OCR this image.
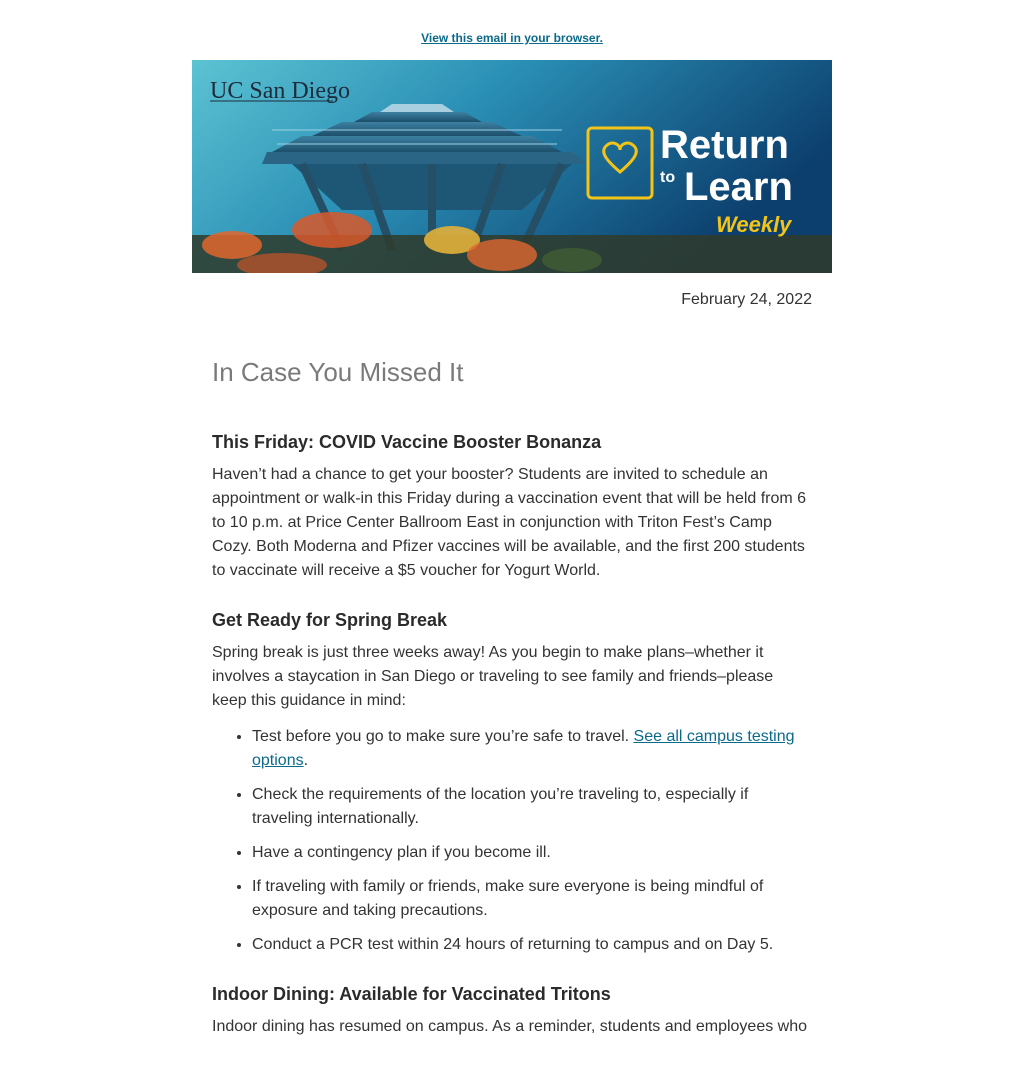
View this email in your browser.
UC San Diego
Return
to Learn
Weekly
February 24, 2022
In Case You Missed It
This Friday: COVID Vaccine Booster Bonanza

Haven’t had a chance to get your booster? Students are invited to schedule an appointment or walk-in this Friday during a vaccination event that will be held from 6 to 10 p.m. at Price Center Ballroom East in conjunction with Triton Fest’s Camp Cozy. Both Moderna and Pfizer vaccines will be available, and the first 200 students to vaccinate will receive a $5 voucher for Yogurt World.

Get Ready for Spring Break

Spring break is just three weeks away! As you begin to make plans–whether it involves a staycation in San Diego or traveling to see family and friends–please keep this guidance in mind:

• Test before you go to make sure you’re safe to travel. See all campus testing options.
• Check the requirements of the location you’re traveling to, especially if traveling internationally.
• Have a contingency plan if you become ill.
• If traveling with family or friends, make sure everyone is being mindful of exposure and taking precautions.
• Conduct a PCR test within 24 hours of returning to campus and on Day 5.
Indoor Dining: Available for Vaccinated Tritons

Indoor dining has resumed on campus. As a reminder, students and employees who
